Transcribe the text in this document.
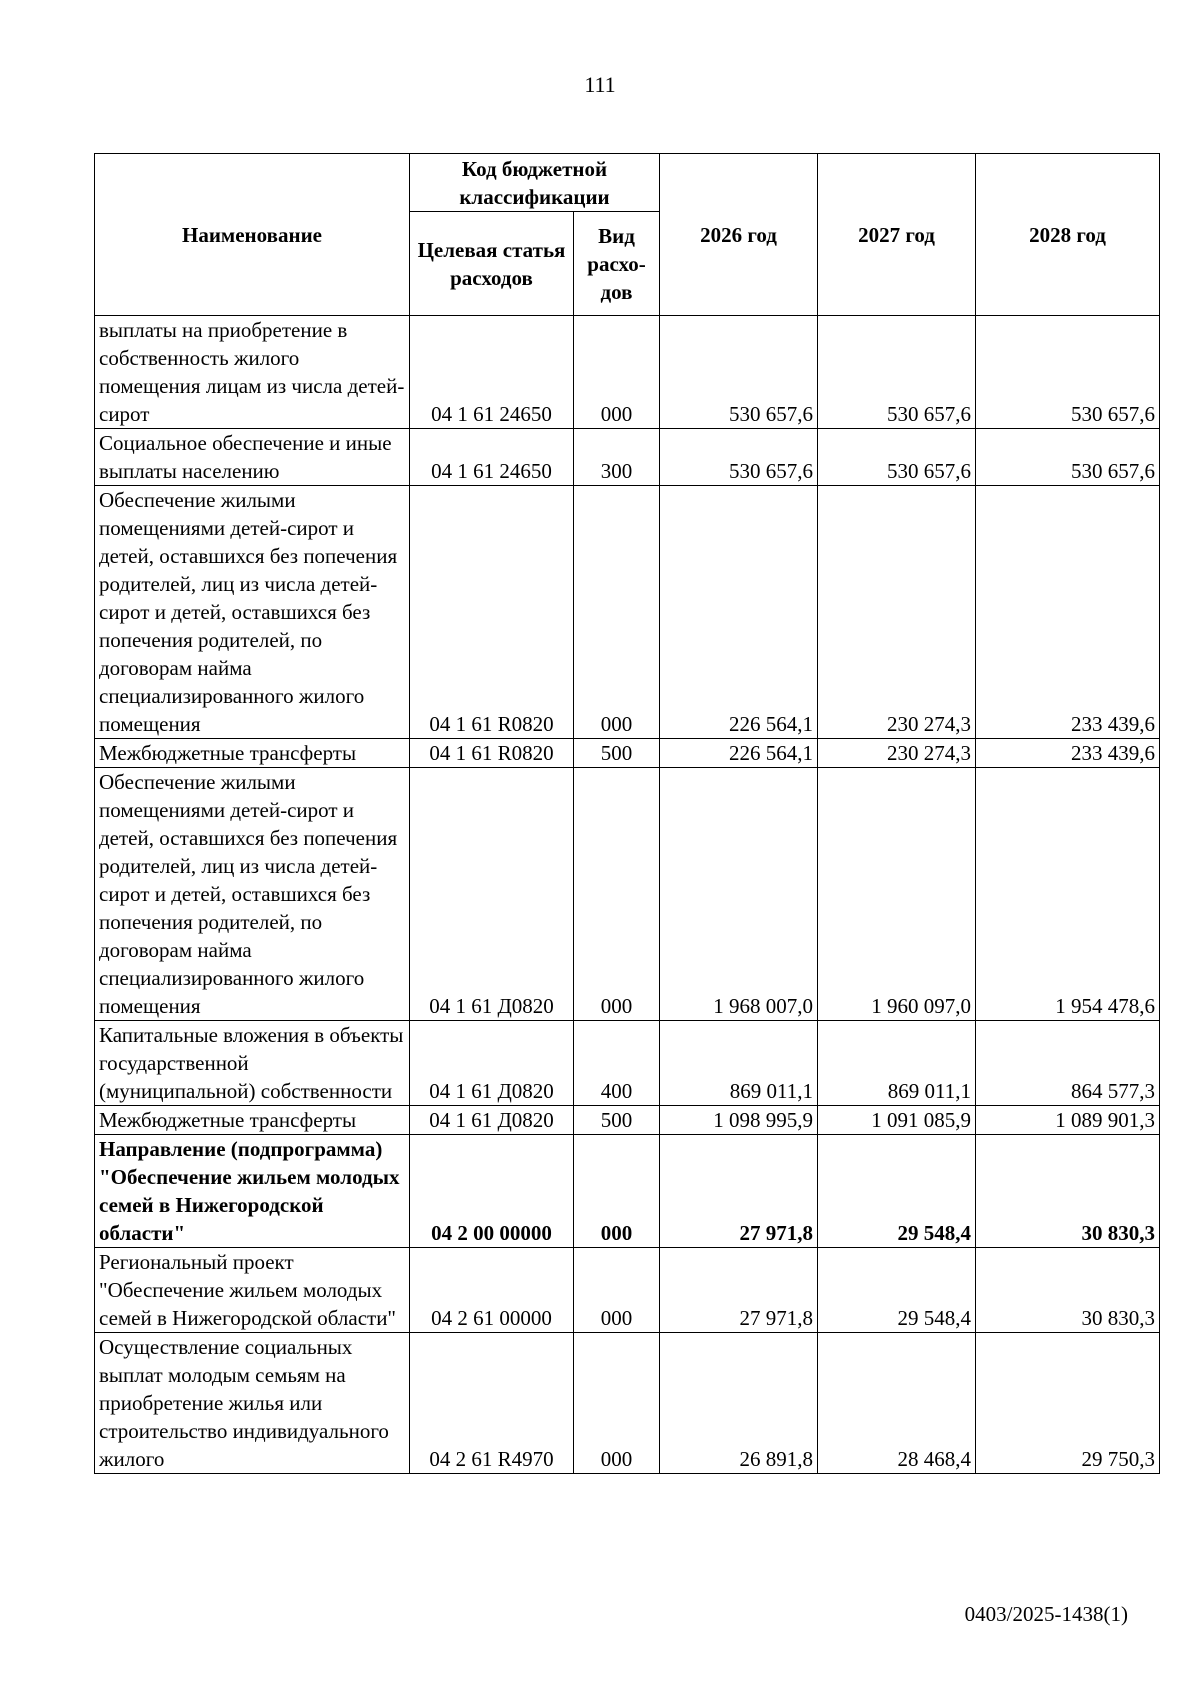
111
Наименование	Код бюджетной классификации		2026 год	2027 год	2028 год
	Целевая статья расходов	Вид расхо-дов			
выплаты на приобретение в собственность жилого помещения лицам из числа детей-сирот	04 1 61 24650	000	530 657,6	530 657,6	530 657,6
Социальное обеспечение и иные выплаты населению	04 1 61 24650	300	530 657,6	530 657,6	530 657,6
Обеспечение жилыми помещениями детей-сирот и детей, оставшихся без попечения родителей, лиц из числа детей-сирот и детей, оставшихся без попечения родителей, по договорам найма специализированного жилого помещения	04 1 61 R0820	000	226 564,1	230 274,3	233 439,6
Межбюджетные трансферты	04 1 61 R0820	500	226 564,1	230 274,3	233 439,6
Обеспечение жилыми помещениями детей-сирот и детей, оставшихся без попечения родителей, лиц из числа детей-сирот и детей, оставшихся без попечения родителей, по договорам найма специализированного жилого помещения	04 1 61 Д0820	000	1 968 007,0	1 960 097,0	1 954 478,6
Капитальные вложения в объекты государственной (муниципальной) собственности	04 1 61 Д0820	400	869 011,1	869 011,1	864 577,3
Межбюджетные трансферты	04 1 61 Д0820	500	1 098 995,9	1 091 085,9	1 089 901,3
Направление (подпрограмма) "Обеспечение жильем молодых семей в Нижегородской области"	04 2 00 00000	000	27 971,8	29 548,4	30 830,3
Региональный проект "Обеспечение жильем молодых семей в Нижегородской области"	04 2 61 00000	000	27 971,8	29 548,4	30 830,3
Осуществление социальных выплат молодым семьям на приобретение жилья или строительство индивидуального жилого	04 2 61 R4970	000	26 891,8	28 468,4	29 750,3
0403/2025-1438(1)
